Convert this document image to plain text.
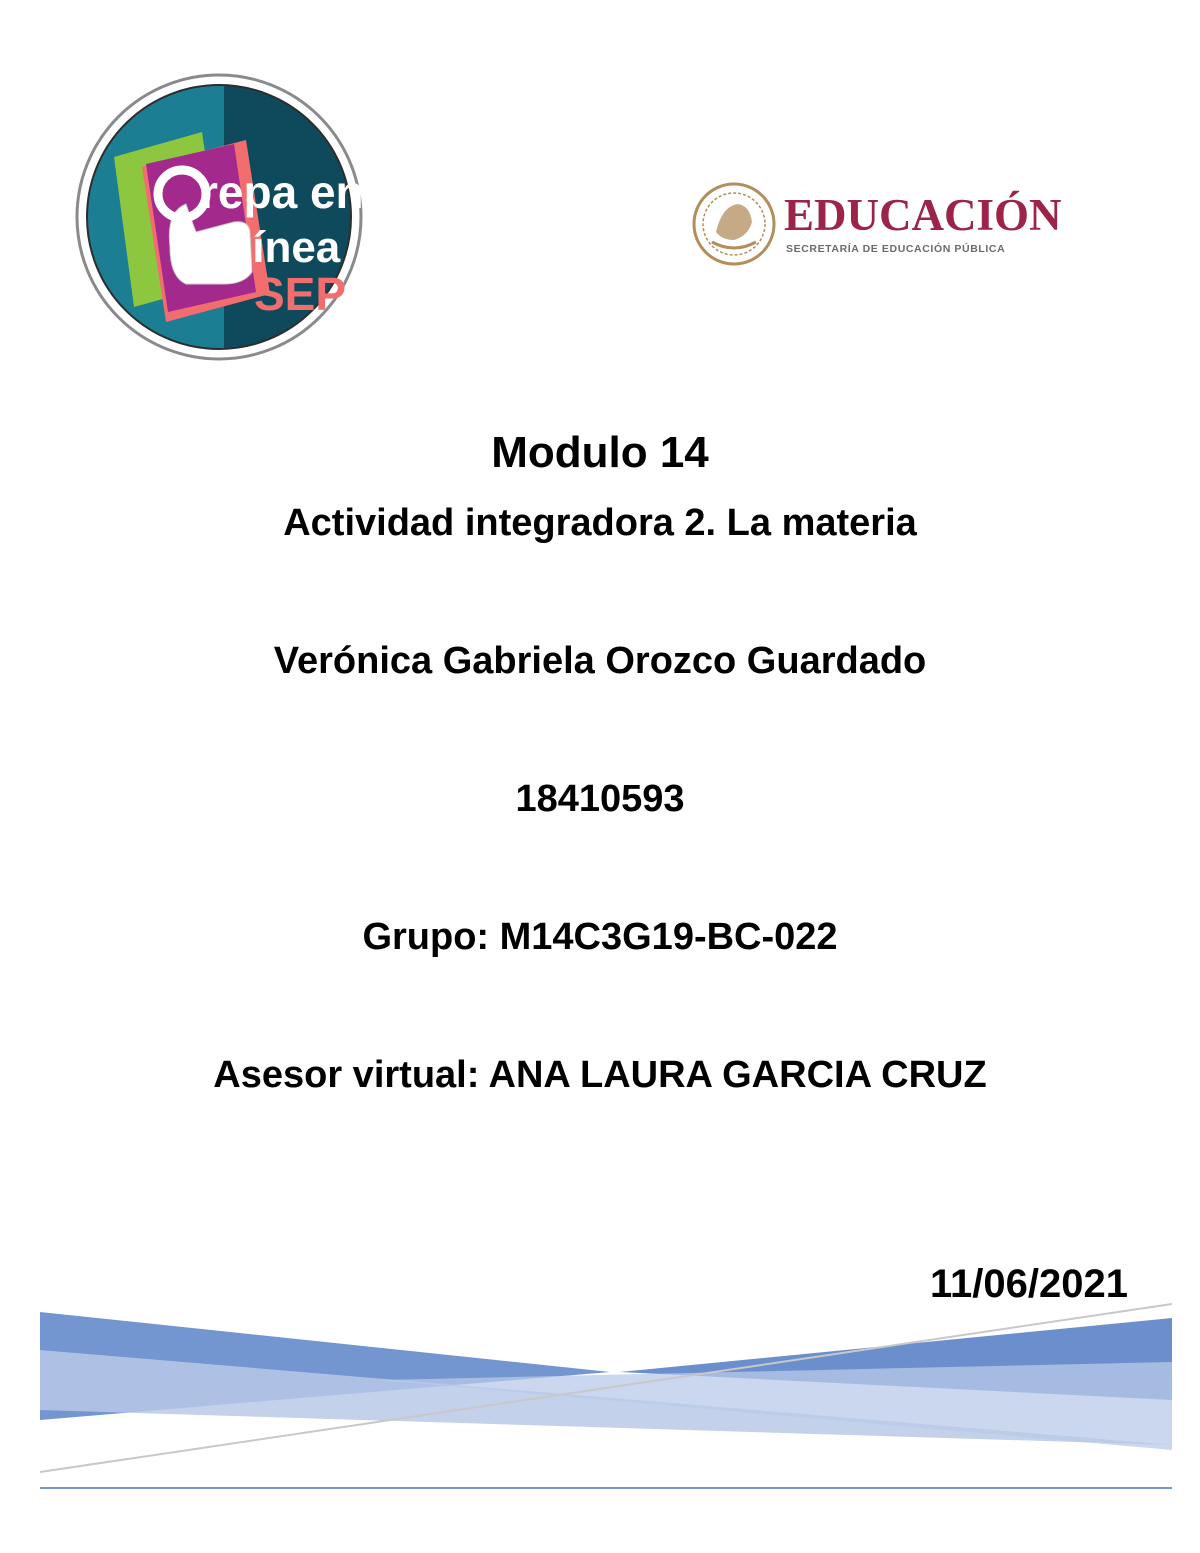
repa en
línea
SEP
EDUCACIÓN
SECRETARÍA DE EDUCACIÓN PÚBLICA
Modulo 14
Actividad integradora 2. La materia
Verónica Gabriela Orozco Guardado
18410593
Grupo: M14C3G19-BC-022
Asesor virtual: ANA LAURA GARCIA CRUZ
11/06/2021
